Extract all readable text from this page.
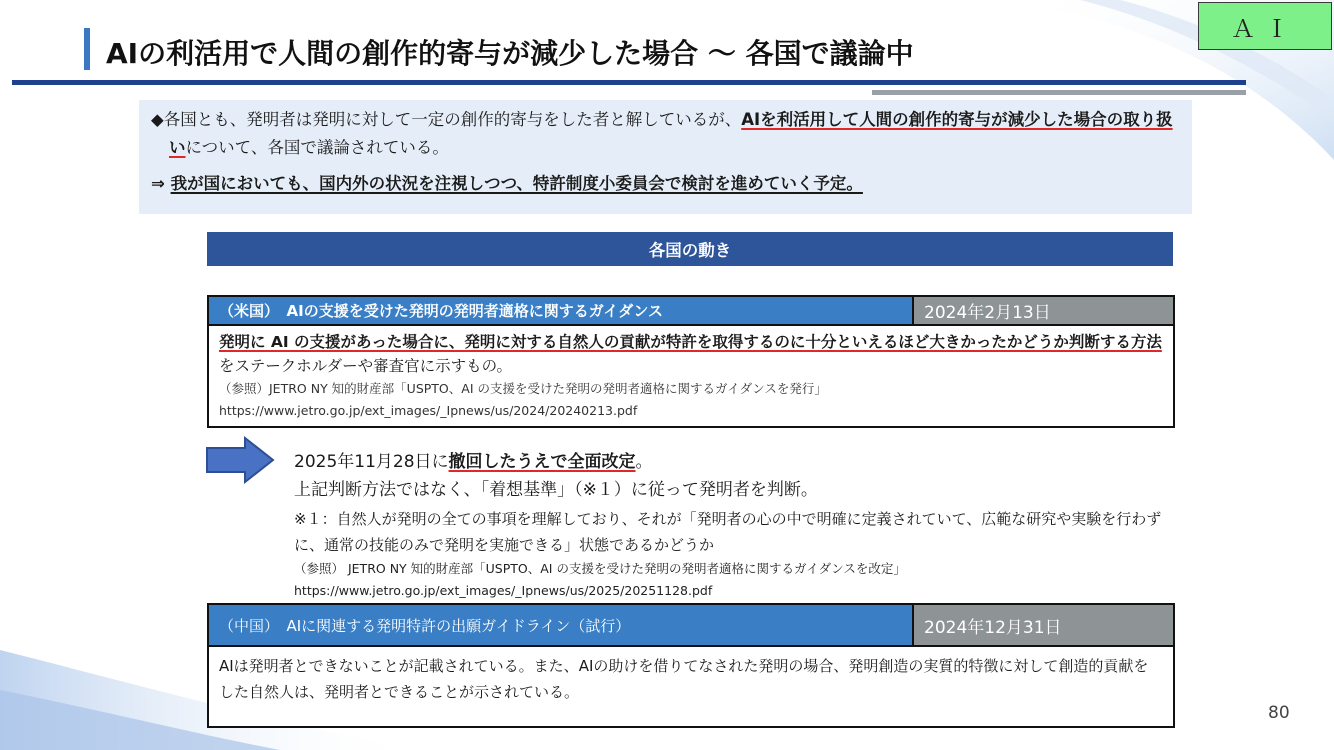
ＡＩ
AIの利活用で人間の創作的寄与が減少した場合 〜 各国で議論中

◆各国とも、発明者は発明に対して一定の創作的寄与をした者と解しているが、AIを利活用して人間の創作的寄与が減少した場合の取り扱いについて、各国で議論されている。

⇒ 我が国においても、国内外の状況を注視しつつ、特許制度小委員会で検討を進めていく予定。

各国の動き
（米国）　AIの支援を受けた発明の発明者適格に関するガイダンス	2024年2月13日

発明に AI の支援があった場合に、発明に対する自然人の貢献が特許を取得するのに十分といえるほど大きかったかどうか判断する方法をステークホルダーや審査官に示すもの。

（参照）JETRO NY 知的財産部「USPTO、AI の支援を受けた発明の発明者適格に関するガイダンスを発行」

https://www.jetro.go.jp/ext_images/_Ipnews/us/2024/20240213.pdf

2025年11月28日に撤回したうえで全面改定。

上記判断方法ではなく、「着想基準」（※１）に従って発明者を判断。

※１：自然人が発明の全ての事項を理解しており、それが「発明者の心の中で明確に定義されていて、広範な研究や実験を行わずに、通常の技能のみで発明を実施できる」状態であるかどうか

（参照） JETRO NY 知的財産部「USPTO、AI の支援を受けた発明の発明者適格に関するガイダンスを改定」

https://www.jetro.go.jp/ext_images/_Ipnews/us/2025/20251128.pdf

（中国）　AIに関連する発明特許の出願ガイドライン（試行）	2024年12月31日

AIは発明者とできないことが記載されている。また、AIの助けを借りてなされた発明の場合、発明創造の実質的特徴に対して創造的貢献をした自然人は、発明者とできることが示されている。

80
